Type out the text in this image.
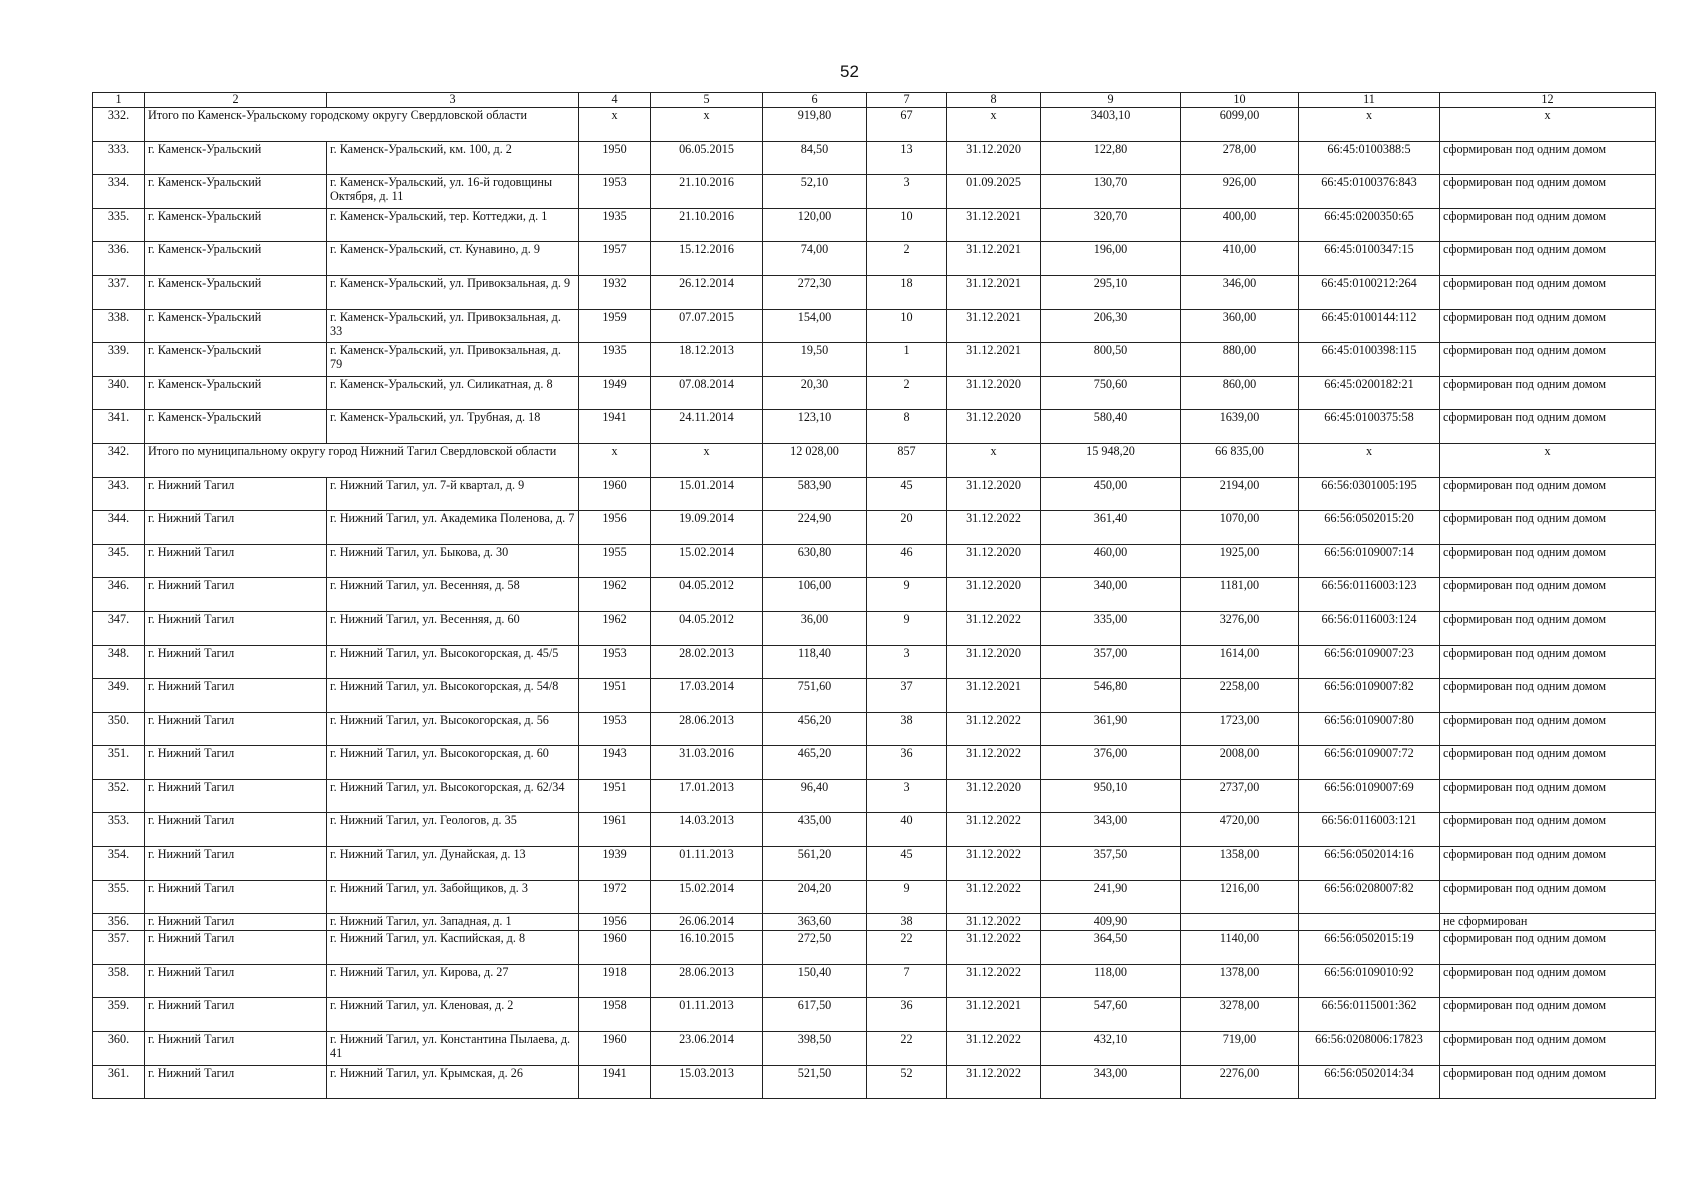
52
1	2	3	4	5	6	7	8	9	10	11	12
332.	Итого по Каменск-Уральскому городскому округу Свердловской области		x	x	919,80	67	x	3403,10	6099,00	x	x
333.	г. Каменск-Уральский	г. Каменск-Уральский, км. 100, д. 2	1950	06.05.2015	84,50	13	31.12.2020	122,80	278,00	66:45:0100388:5	сформирован под одним домом
334.	г. Каменск-Уральский	г. Каменск-Уральский, ул. 16-й годовщины Октября, д. 11	1953	21.10.2016	52,10	3	01.09.2025	130,70	926,00	66:45:0100376:843	сформирован под одним домом
335.	г. Каменск-Уральский	г. Каменск-Уральский, тер. Коттеджи, д. 1	1935	21.10.2016	120,00	10	31.12.2021	320,70	400,00	66:45:0200350:65	сформирован под одним домом
336.	г. Каменск-Уральский	г. Каменск-Уральский, ст. Кунавино, д. 9	1957	15.12.2016	74,00	2	31.12.2021	196,00	410,00	66:45:0100347:15	сформирован под одним домом
337.	г. Каменск-Уральский	г. Каменск-Уральский, ул. Привокзальная, д. 9	1932	26.12.2014	272,30	18	31.12.2021	295,10	346,00	66:45:0100212:264	сформирован под одним домом
338.	г. Каменск-Уральский	г. Каменск-Уральский, ул. Привокзальная, д. 33	1959	07.07.2015	154,00	10	31.12.2021	206,30	360,00	66:45:0100144:112	сформирован под одним домом
339.	г. Каменск-Уральский	г. Каменск-Уральский, ул. Привокзальная, д. 79	1935	18.12.2013	19,50	1	31.12.2021	800,50	880,00	66:45:0100398:115	сформирован под одним домом
340.	г. Каменск-Уральский	г. Каменск-Уральский, ул. Силикатная, д. 8	1949	07.08.2014	20,30	2	31.12.2020	750,60	860,00	66:45:0200182:21	сформирован под одним домом
341.	г. Каменск-Уральский	г. Каменск-Уральский, ул. Трубная, д. 18	1941	24.11.2014	123,10	8	31.12.2020	580,40	1639,00	66:45:0100375:58	сформирован под одним домом
342.	Итого по муниципальному округу город Нижний Тагил Свердловской области		x	x	12 028,00	857	x	15 948,20	66 835,00	x	x
343.	г. Нижний Тагил	г. Нижний Тагил, ул. 7-й квартал, д. 9	1960	15.01.2014	583,90	45	31.12.2020	450,00	2194,00	66:56:0301005:195	сформирован под одним домом
344.	г. Нижний Тагил	г. Нижний Тагил, ул. Академика Поленова, д. 7	1956	19.09.2014	224,90	20	31.12.2022	361,40	1070,00	66:56:0502015:20	сформирован под одним домом
345.	г. Нижний Тагил	г. Нижний Тагил, ул. Быкова, д. 30	1955	15.02.2014	630,80	46	31.12.2020	460,00	1925,00	66:56:0109007:14	сформирован под одним домом
346.	г. Нижний Тагил	г. Нижний Тагил, ул. Весенняя, д. 58	1962	04.05.2012	106,00	9	31.12.2020	340,00	1181,00	66:56:0116003:123	сформирован под одним домом
347.	г. Нижний Тагил	г. Нижний Тагил, ул. Весенняя, д. 60	1962	04.05.2012	36,00	9	31.12.2022	335,00	3276,00	66:56:0116003:124	сформирован под одним домом
348.	г. Нижний Тагил	г. Нижний Тагил, ул. Высокогорская, д. 45/5	1953	28.02.2013	118,40	3	31.12.2020	357,00	1614,00	66:56:0109007:23	сформирован под одним домом
349.	г. Нижний Тагил	г. Нижний Тагил, ул. Высокогорская, д. 54/8	1951	17.03.2014	751,60	37	31.12.2021	546,80	2258,00	66:56:0109007:82	сформирован под одним домом
350.	г. Нижний Тагил	г. Нижний Тагил, ул. Высокогорская, д. 56	1953	28.06.2013	456,20	38	31.12.2022	361,90	1723,00	66:56:0109007:80	сформирован под одним домом
351.	г. Нижний Тагил	г. Нижний Тагил, ул. Высокогорская, д. 60	1943	31.03.2016	465,20	36	31.12.2022	376,00	2008,00	66:56:0109007:72	сформирован под одним домом
352.	г. Нижний Тагил	г. Нижний Тагил, ул. Высокогорская, д. 62/34	1951	17.01.2013	96,40	3	31.12.2020	950,10	2737,00	66:56:0109007:69	сформирован под одним домом
353.	г. Нижний Тагил	г. Нижний Тагил, ул. Геологов, д. 35	1961	14.03.2013	435,00	40	31.12.2022	343,00	4720,00	66:56:0116003:121	сформирован под одним домом
354.	г. Нижний Тагил	г. Нижний Тагил, ул. Дунайская, д. 13	1939	01.11.2013	561,20	45	31.12.2022	357,50	1358,00	66:56:0502014:16	сформирован под одним домом
355.	г. Нижний Тагил	г. Нижний Тагил, ул. Забойщиков, д. 3	1972	15.02.2014	204,20	9	31.12.2022	241,90	1216,00	66:56:0208007:82	сформирован под одним домом
356.	г. Нижний Тагил	г. Нижний Тагил, ул. Западная, д. 1	1956	26.06.2014	363,60	38	31.12.2022	409,90			не сформирован
357.	г. Нижний Тагил	г. Нижний Тагил, ул. Каспийская, д. 8	1960	16.10.2015	272,50	22	31.12.2022	364,50	1140,00	66:56:0502015:19	сформирован под одним домом
358.	г. Нижний Тагил	г. Нижний Тагил, ул. Кирова, д. 27	1918	28.06.2013	150,40	7	31.12.2022	118,00	1378,00	66:56:0109010:92	сформирован под одним домом
359.	г. Нижний Тагил	г. Нижний Тагил, ул. Кленовая, д. 2	1958	01.11.2013	617,50	36	31.12.2021	547,60	3278,00	66:56:0115001:362	сформирован под одним домом
360.	г. Нижний Тагил	г. Нижний Тагил, ул. Константина Пылаева, д. 41	1960	23.06.2014	398,50	22	31.12.2022	432,10	719,00	66:56:0208006:17823	сформирован под одним домом
361.	г. Нижний Тагил	г. Нижний Тагил, ул. Крымская, д. 26	1941	15.03.2013	521,50	52	31.12.2022	343,00	2276,00	66:56:0502014:34	сформирован под одним домом
